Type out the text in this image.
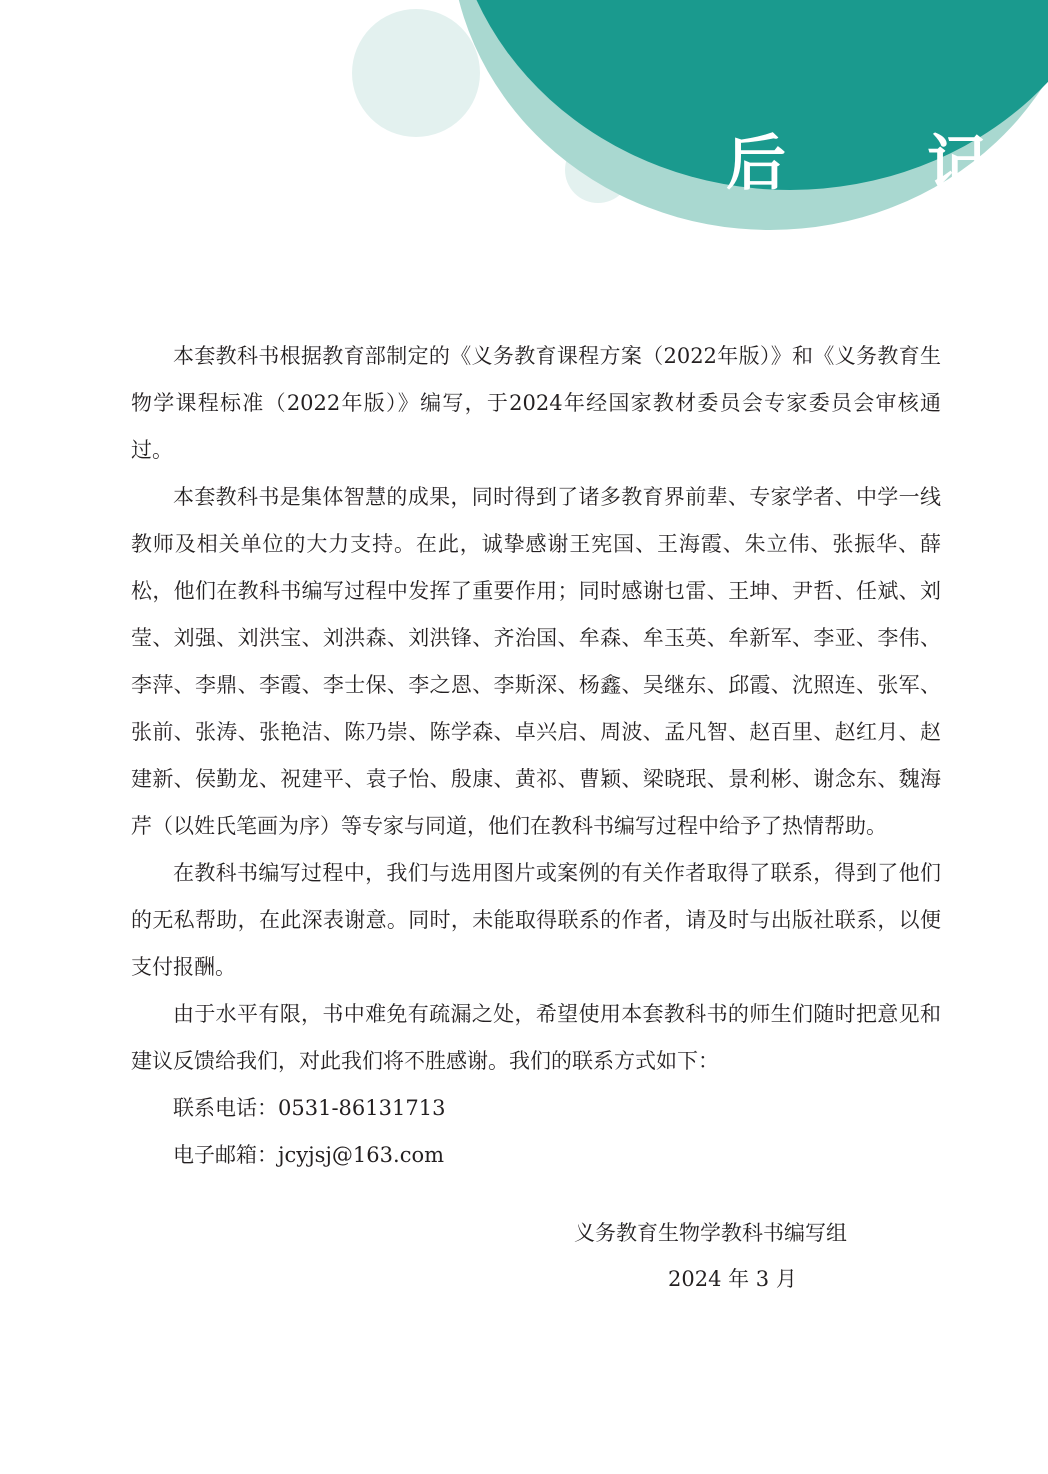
后 记

本套教科书根据教育部制定的《义务教育课程方案（2022年版）》和《义务教育生物学课程标准（2022年版）》编写，于2024年经国家教材委员会专家委员会审核通过。

本套教科书是集体智慧的成果，同时得到了诸多教育界前辈、专家学者、中学一线教师及相关单位的大力支持。在此，诚挚感谢王宪国、王海霞、朱立伟、张振华、薛松，他们在教科书编写过程中发挥了重要作用；同时感谢乜雷、王坤、尹哲、任斌、刘莹、刘强、刘洪宝、刘洪森、刘洪锋、齐治国、牟森、牟玉英、牟新军、李亚、李伟、李萍、李鼎、李霞、李士保、李之恩、李斯深、杨鑫、吴继东、邱霞、沈照连、张军、张前、张涛、张艳洁、陈乃崇、陈学森、卓兴启、周波、孟凡智、赵百里、赵红月、赵建新、侯勤龙、祝建平、袁子怡、殷康、黄祁、曹颖、梁晓珉、景利彬、谢念东、魏海芹（以姓氏笔画为序）等专家与同道，他们在教科书编写过程中给予了热情帮助。

在教科书编写过程中，我们与选用图片或案例的有关作者取得了联系，得到了他们的无私帮助，在此深表谢意。同时，未能取得联系的作者，请及时与出版社联系，以便支付报酬。

由于水平有限，书中难免有疏漏之处，希望使用本套教科书的师生们随时把意见和建议反馈给我们，对此我们将不胜感谢。我们的联系方式如下：

联系电话：0531-86131713

电子邮箱：jcyjsj@163.com

义务教育生物学教科书编写组
2024 年 3 月
